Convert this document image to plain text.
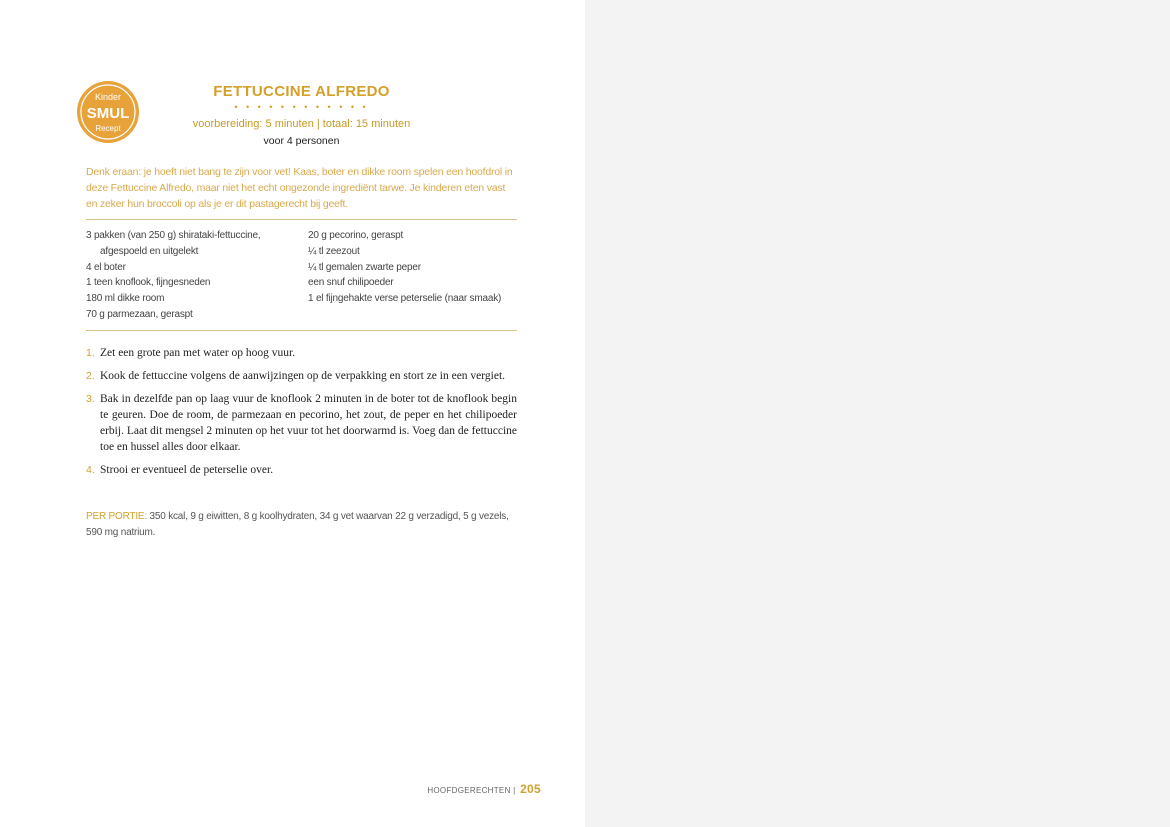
Kinder
SMUL
Recept
FETTUCCINE ALFREDO
• • • • • • • • • • • •
voorbereiding: 5 minuten | totaal: 15 minuten
voor 4 personen
Denk eraan: je hoeft niet bang te zijn voor vet! Kaas, boter en dikke room spelen een hoofdrol in deze Fettuccine Alfredo, maar niet het echt ongezonde ingrediënt tarwe. Je kinderen eten vast en zeker hun broccoli op als je er dit pastagerecht bij geeft.
3 pakken (van 250 g) shirataki-fettuccine,
afgespoeld en uitgelekt
4 el boter
1 teen knoflook, fijngesneden
180 ml dikke room
70 g parmezaan, geraspt
20 g pecorino, geraspt
¼ tl zeezout
¼ tl gemalen zwarte peper
een snuf chilipoeder
1 el fijngehakte verse peterselie (naar smaak)
1. Zet een grote pan met water op hoog vuur.
2. Kook de fettuccine volgens de aanwijzingen op de verpakking en stort ze in een vergiet.
3. Bak in dezelfde pan op laag vuur de knoflook 2 minuten in de boter tot de knoflook begin te geuren. Doe de room, de parmezaan en pecorino, het zout, de peper en het chilipoeder erbij. Laat dit mengsel 2 minuten op het vuur tot het doorwarmd is. Voeg dan de fettuccine toe en hussel alles door elkaar.
4. Strooi er eventueel de peterselie over.
PER PORTIE: 350 kcal, 9 g eiwitten, 8 g koolhydraten, 34 g vet waarvan 22 g verzadigd, 5 g vezels, 590 mg natrium.
HOOFDGERECHTEN | 205
